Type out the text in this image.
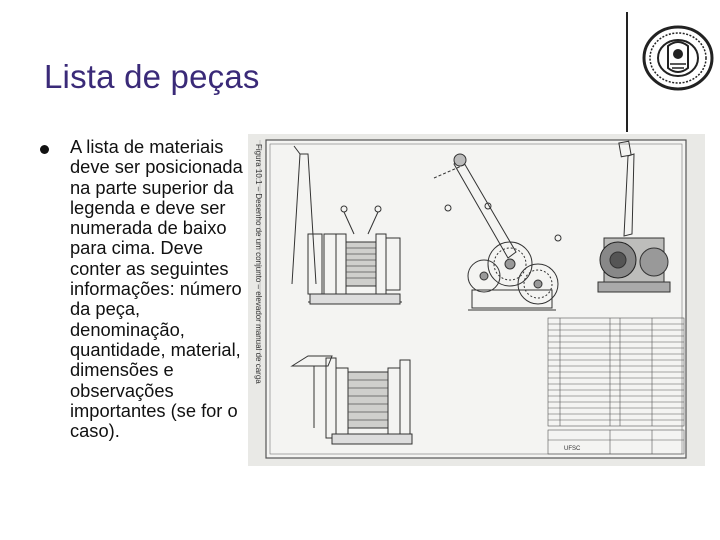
Lista de peças
A lista de materiais deve ser posicionada na parte superior da legenda e deve ser numerada de baixo para cima. Deve conter as seguintes informações: número da peça, denominação, quantidade, material, dimensões e observações importantes (se for o caso).
Figura 10.1 – Desenho de um conjunto – elevador manual de carga
UFSC
